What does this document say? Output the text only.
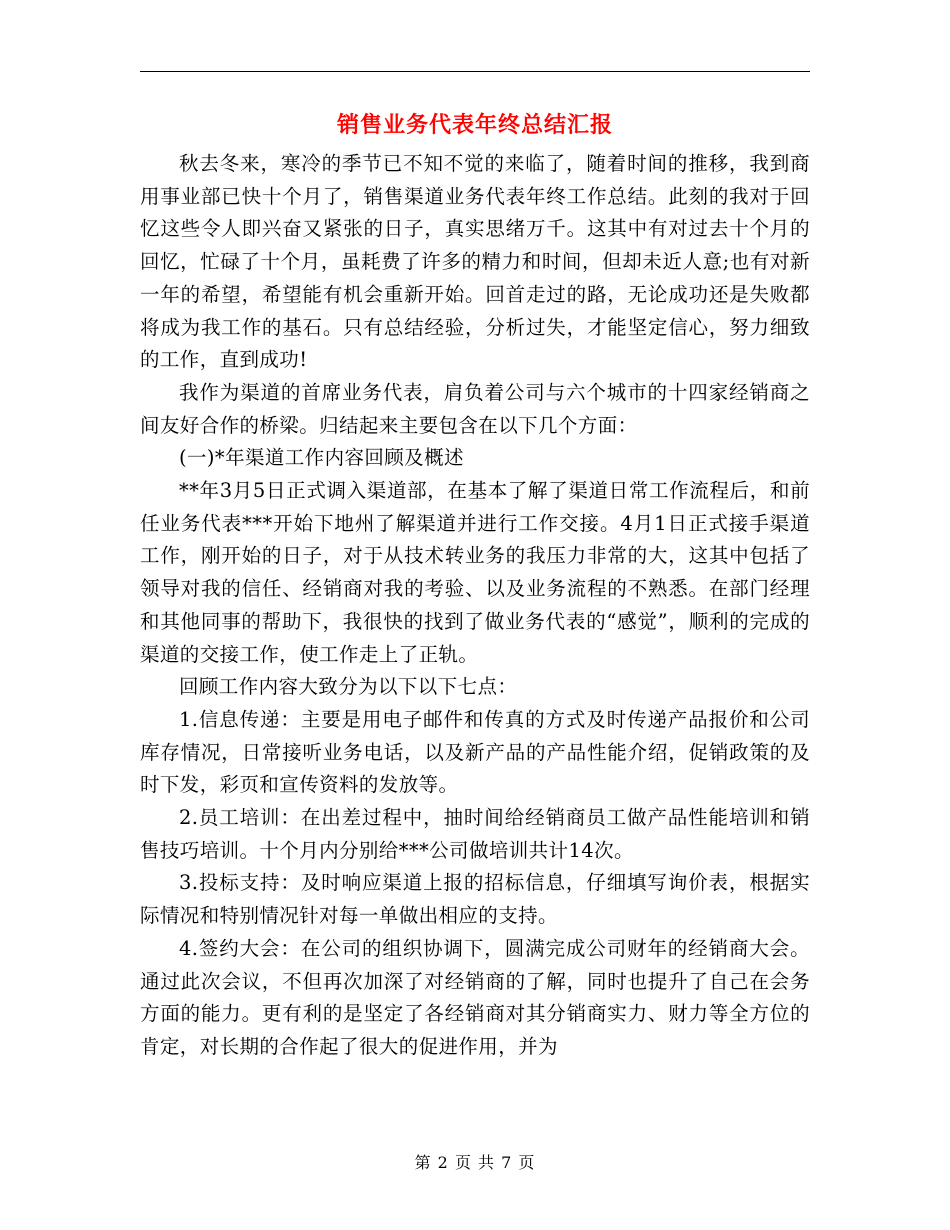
销售业务代表年终总结汇报

秋去冬来，寒冷的季节已不知不觉的来临了，随着时间的推移，我到商用事业部已快十个月了，销售渠道业务代表年终工作总结。此刻的我对于回忆这些令人即兴奋又紧张的日子，真实思绪万千。这其中有对过去十个月的回忆，忙碌了十个月，虽耗费了许多的精力和时间，但却未近人意;也有对新一年的希望，希望能有机会重新开始。回首走过的路，无论成功还是失败都将成为我工作的基石。只有总结经验，分析过失，才能坚定信心，努力细致的工作，直到成功!

我作为渠道的首席业务代表，肩负着公司与六个城市的十四家经销商之间友好合作的桥梁。归结起来主要包含在以下几个方面：

(一)*年渠道工作内容回顾及概述

**年3月5日正式调入渠道部，在基本了解了渠道日常工作流程后，和前任业务代表***开始下地州了解渠道并进行工作交接。4月1日正式接手渠道工作，刚开始的日子，对于从技术转业务的我压力非常的大，这其中包括了领导对我的信任、经销商对我的考验、以及业务流程的不熟悉。在部门经理和其他同事的帮助下，我很快的找到了做业务代表的“感觉”，顺利的完成的渠道的交接工作，使工作走上了正轨。

回顾工作内容大致分为以下以下七点：

1.信息传递：主要是用电子邮件和传真的方式及时传递产品报价和公司库存情况，日常接听业务电话，以及新产品的产品性能介绍，促销政策的及时下发，彩页和宣传资料的发放等。

2.员工培训：在出差过程中，抽时间给经销商员工做产品性能培训和销售技巧培训。十个月内分别给***公司做培训共计14次。

3.投标支持：及时响应渠道上报的招标信息，仔细填写询价表，根据实际情况和特别情况针对每一单做出相应的支持。

4.签约大会：在公司的组织协调下，圆满完成公司财年的经销商大会。通过此次会议，不但再次加深了对经销商的了解，同时也提升了自己在会务方面的能力。更有利的是坚定了各经销商对其分销商实力、财力等全方位的肯定，对长期的合作起了很大的促进作用，并为

第 2 页 共 7 页
